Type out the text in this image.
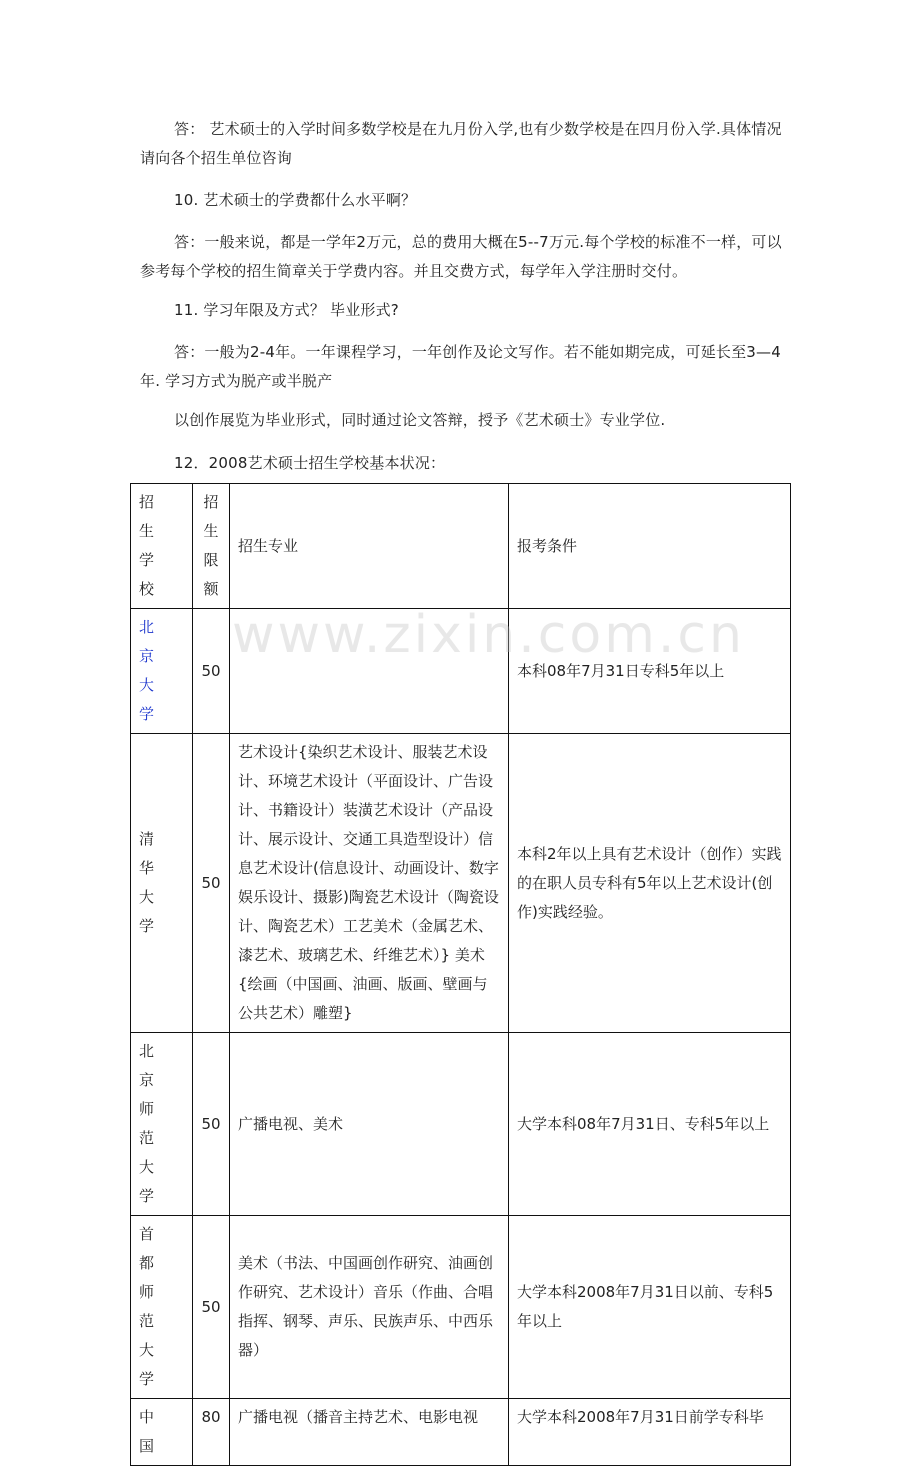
答： 艺术硕士的入学时间多数学校是在九月份入学,也有少数学校是在四月份入学.具体情况请向各个招生单位咨询

10. 艺术硕士的学费都什么水平啊？

答：一般来说，都是一学年2万元，总的费用大概在5--7万元.每个学校的标准不一样，可以参考每个学校的招生简章关于学费内容。并且交费方式，每学年入学注册时交付。

11. 学习年限及方式？ 毕业形式?

答：一般为2-4年。一年课程学习，一年创作及论文写作。若不能如期完成，可延长至3—4 年. 学习方式为脱产或半脱产

以创作展览为毕业形式，同时通过论文答辩，授予《艺术硕士》专业学位.

12．2008艺术硕士招生学校基本状况：

招生学校	招生限额	招生专业	报考条件
北京大学	50		本科08年7月31日专科5年以上
清华大学	50	艺术设计{染织艺术设计、服装艺术设计、环境艺术设计（平面设计、广告设计、书籍设计）装潢艺术设计（产品设计、展示设计、交通工具造型设计）信息艺术设计(信息设计、动画设计、数字娱乐设计、摄影)陶瓷艺术设计（陶瓷设计、陶瓷艺术）工艺美术（金属艺术、漆艺术、玻璃艺术、纤维艺术）} 美术{绘画（中国画、油画、版画、壁画与公共艺术）雕塑}	本科2年以上具有艺术设计（创作）实践的在职人员专科有5年以上艺术设计(创作)实践经验。
北京师范大学	50	广播电视、美术	大学本科08年7月31日、专科5年以上
首都师范大学	50	美术（书法、中国画创作研究、油画创作研究、艺术设计）音乐（作曲、合唱指挥、钢琴、声乐、民族声乐、中西乐器）	大学本科2008年7月31日以前、专科5年以上
中国	80	广播电视（播音主持艺术、电影电视	大学本科2008年7月31日前学专科毕
www.zixin.com.cn
